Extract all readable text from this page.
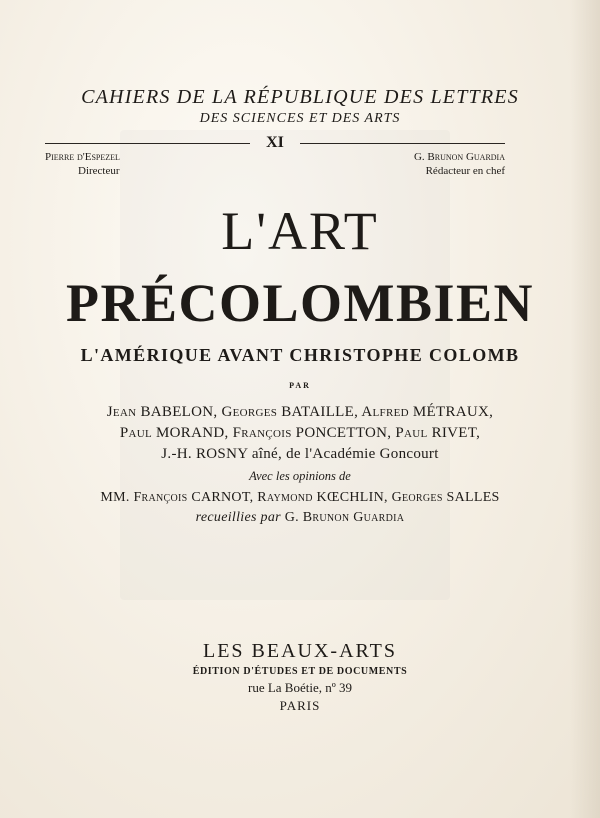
CAHIERS DE LA RÉPUBLIQUE DES LETTRES
DES SCIENCES ET DES ARTS
XI
Pierre d'Espezel
Directeur
G. Brunon Guardia
Rédacteur en chef
L'ART
PRÉCOLOMBIEN
L'AMÉRIQUE AVANT CHRISTOPHE COLOMB
par
Jean BABELON, Georges BATAILLE, Alfred MÉTRAUX,
Paul MORAND, François PONCETTON, Paul RIVET,
J.-H. ROSNY aîné, de l'Académie Goncourt
Avec les opinions de
MM. François CARNOT, Raymond KŒCHLIN, Georges SALLES
recueillies par G. Brunon Guardia
LES BEAUX-ARTS
ÉDITION D'ÉTUDES ET DE DOCUMENTS
rue La Boétie, nº 39
PARIS
